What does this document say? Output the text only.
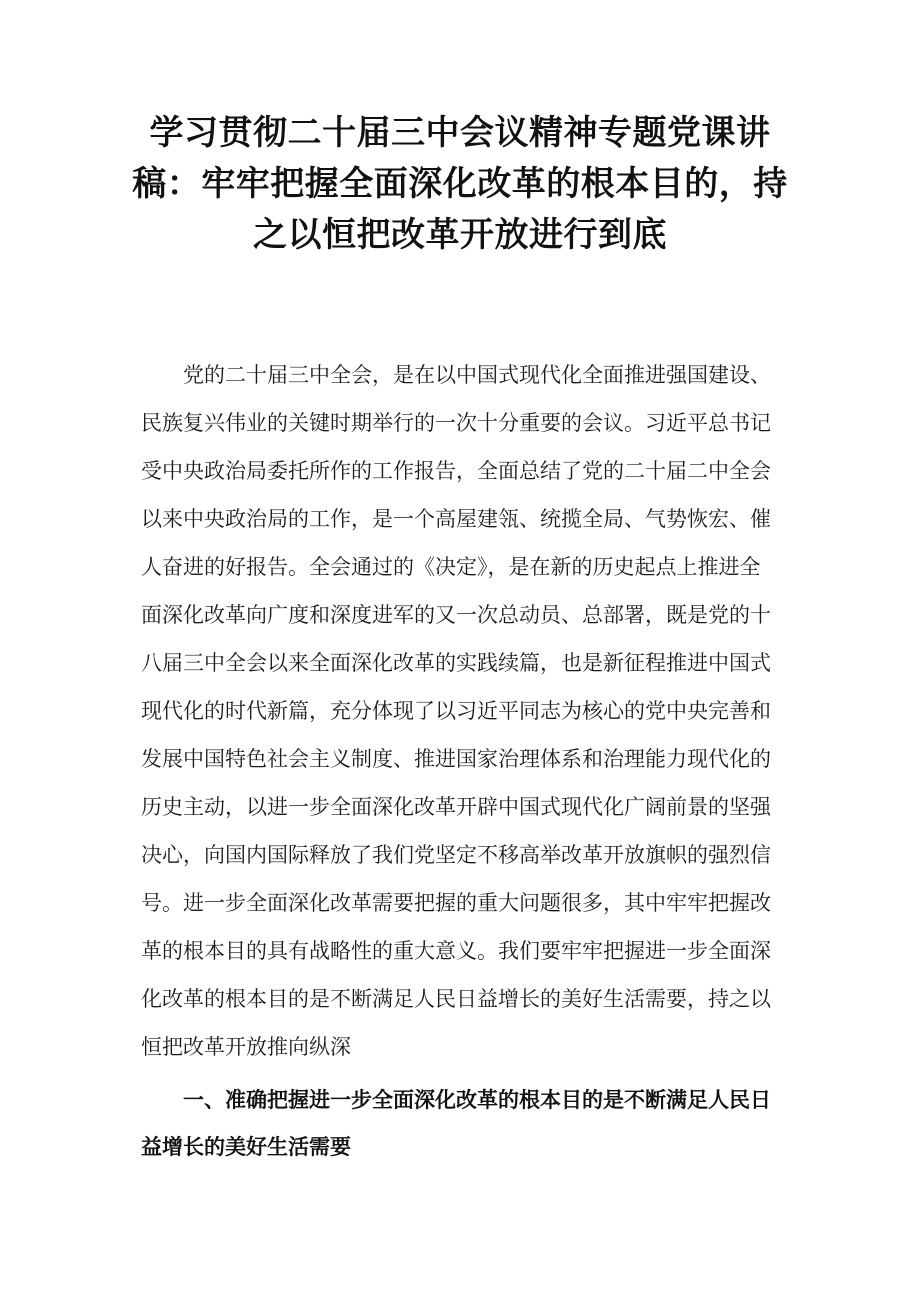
学习贯彻二十届三中会议精神专题党课讲
稿：牢牢把握全面深化改革的根本目的，持
之以恒把改革开放进行到底
党的二十届三中全会，是在以中国式现代化全面推进强国建设、
民族复兴伟业的关键时期举行的一次十分重要的会议。习近平总书记
受中央政治局委托所作的工作报告，全面总结了党的二十届二中全会
以来中央政治局的工作，是一个高屋建瓴、统揽全局、气势恢宏、催
人奋进的好报告。全会通过的《决定》，是在新的历史起点上推进全
面深化改革向广度和深度进军的又一次总动员、总部署，既是党的十
八届三中全会以来全面深化改革的实践续篇，也是新征程推进中国式
现代化的时代新篇，充分体现了以习近平同志为核心的党中央完善和
发展中国特色社会主义制度、推进国家治理体系和治理能力现代化的
历史主动，以进一步全面深化改革开辟中国式现代化广阔前景的坚强
决心，向国内国际释放了我们党坚定不移高举改革开放旗帜的强烈信
号。进一步全面深化改革需要把握的重大问题很多，其中牢牢把握改
革的根本目的具有战略性的重大意义。我们要牢牢把握进一步全面深
化改革的根本目的是不断满足人民日益增长的美好生活需要，持之以
恒把改革开放推向纵深
一、准确把握进一步全面深化改革的根本目的是不断满足人民日
益增长的美好生活需要
